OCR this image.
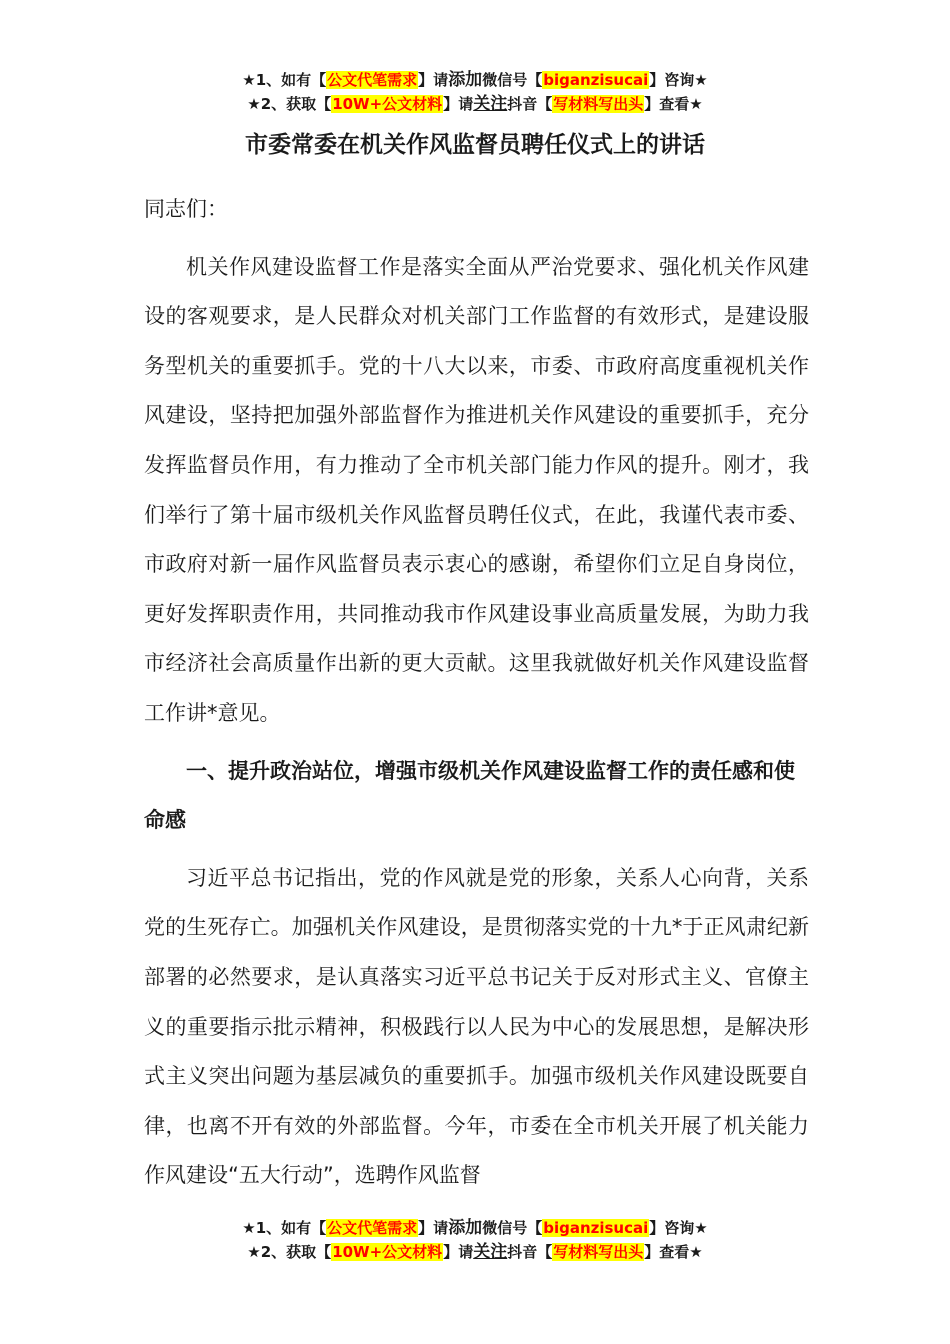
★1、如有【公文代笔需求】请添加微信号【biganzisucai】咨询★
★2、获取【10W+公文材料】请关注抖音【写材料写出头】查看★
市委常委在机关作风监督员聘任仪式上的讲话

同志们：

机关作风建设监督工作是落实全面从严治党要求、强化机关作风建设的客观要求，是人民群众对机关部门工作监督的有效形式，是建设服务型机关的重要抓手。党的十八大以来，市委、市政府高度重视机关作风建设，坚持把加强外部监督作为推进机关作风建设的重要抓手，充分发挥监督员作用，有力推动了全市机关部门能力作风的提升。刚才，我们举行了第十届市级机关作风监督员聘任仪式，在此，我谨代表市委、市政府对新一届作风监督员表示衷心的感谢，希望你们立足自身岗位，更好发挥职责作用，共同推动我市作风建设事业高质量发展，为助力我市经济社会高质量作出新的更大贡献。这里我就做好机关作风建设监督工作讲*意见。

一、提升政治站位，增强市级机关作风建设监督工作的责任感和使命感

习近平总书记指出，党的作风就是党的形象，关系人心向背，关系党的生死存亡。加强机关作风建设，是贯彻落实党的十九*于正风肃纪新部署的必然要求，是认真落实习近平总书记关于反对形式主义、官僚主义的重要指示批示精神，积极践行以人民为中心的发展思想，是解决形式主义突出问题为基层减负的重要抓手。加强市级机关作风建设既要自律，也离不开有效的外部监督。今年，市委在全市机关开展了机关能力作风建设“五大行动”，选聘作风监督

★1、如有【公文代笔需求】请添加微信号【biganzisucai】咨询★
★2、获取【10W+公文材料】请关注抖音【写材料写出头】查看★
